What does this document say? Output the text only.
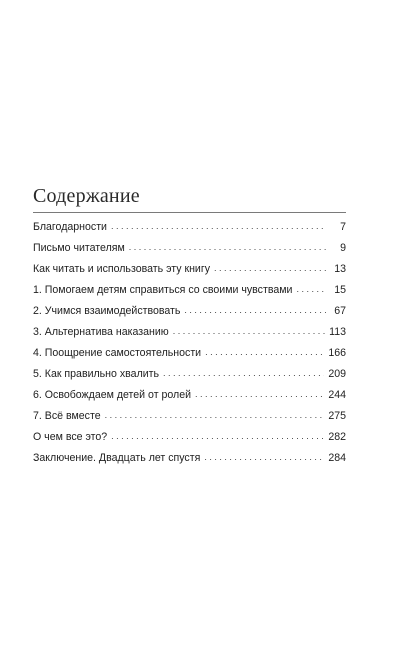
Содержание
Благодарности . . .	7
Письмо читателям . . .	9
Как читать и использовать эту книгу . . .	13
1. Помогаем детям справиться со своими чувствами . . .	15
2. Учимся взаимодействовать . . .	67
3. Альтернатива наказанию . . .	113
4. Поощрение самостоятельности . . .	166
5. Как правильно хвалить . . .	209
6. Освобождаем детей от ролей . . .	244
7. Всё вместе . . .	275
О чем все это? . . .	282
Заключение. Двадцать лет спустя . . .	284
